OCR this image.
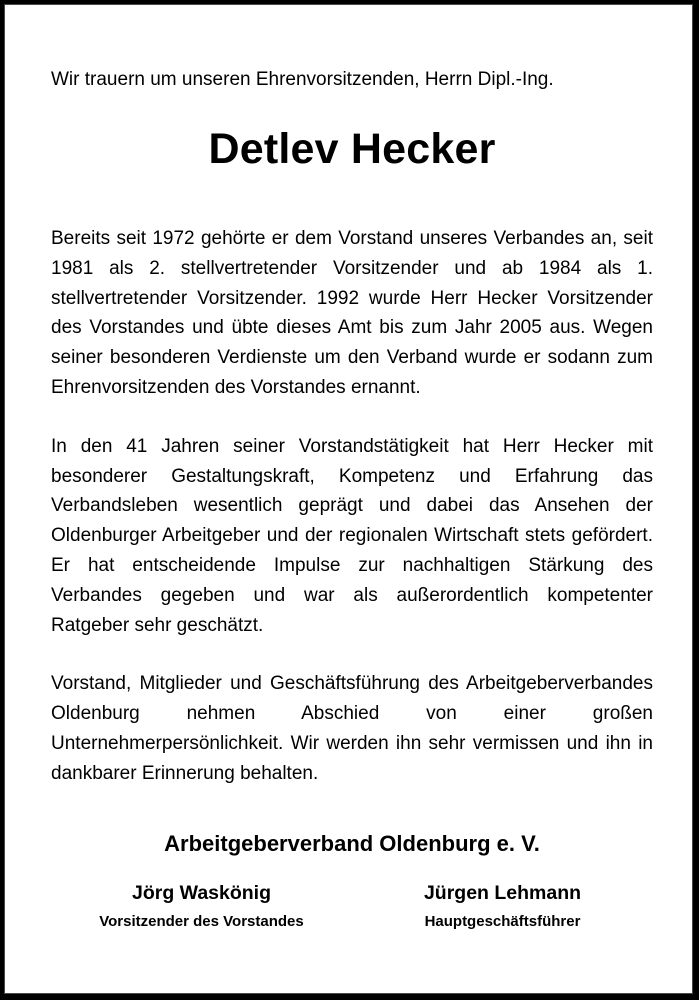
Wir trauern um unseren Ehrenvorsitzenden, Herrn Dipl.-Ing.
Detlev Hecker

Bereits seit 1972 gehörte er dem Vorstand unseres Verbandes an, seit 1981 als 2. stellvertretender Vorsitzender und ab 1984 als 1. stellvertretender Vorsitzender. 1992 wurde Herr Hecker Vorsitzender des Vorstandes und übte dieses Amt bis zum Jahr 2005 aus. Wegen seiner besonderen Verdienste um den Verband wurde er sodann zum Ehrenvorsitzenden des Vorstandes ernannt.

In den 41 Jahren seiner Vorstandstätigkeit hat Herr Hecker mit besonderer Gestaltungskraft, Kompetenz und Erfahrung das Verbandsleben wesentlich geprägt und dabei das Ansehen der Oldenburger Arbeitgeber und der regionalen Wirtschaft stets gefördert. Er hat entscheidende Impulse zur nachhaltigen Stärkung des Verbandes gegeben und war als außerordentlich kompetenter Ratgeber sehr geschätzt.

Vorstand, Mitglieder und Geschäftsführung des Arbeitgeberverbandes Oldenburg nehmen Abschied von einer großen Unternehmerpersönlichkeit. Wir werden ihn sehr vermissen und ihn in dankbarer Erinnerung behalten.

Arbeitgeberverband Oldenburg e. V.
Jörg Waskönig
Vorsitzender des Vorstandes
Jürgen Lehmann
Hauptgeschäftsführer
